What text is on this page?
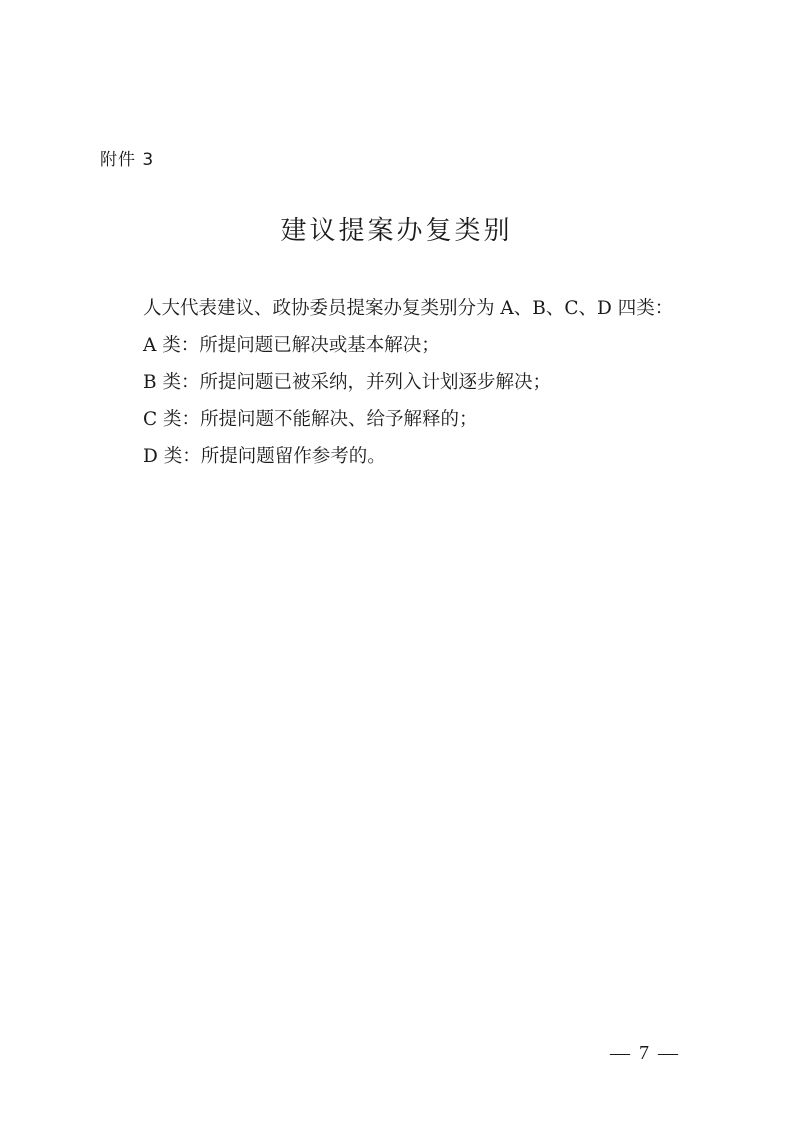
附件 3
建议提案办复类别

人大代表建议、政协委员提案办复类别分为 A、B、C、D 四类：

A 类：所提问题已解决或基本解决；

B 类：所提问题已被采纳，并列入计划逐步解决；

C 类：所提问题不能解决、给予解释的；

D 类：所提问题留作参考的。

— 7 —
